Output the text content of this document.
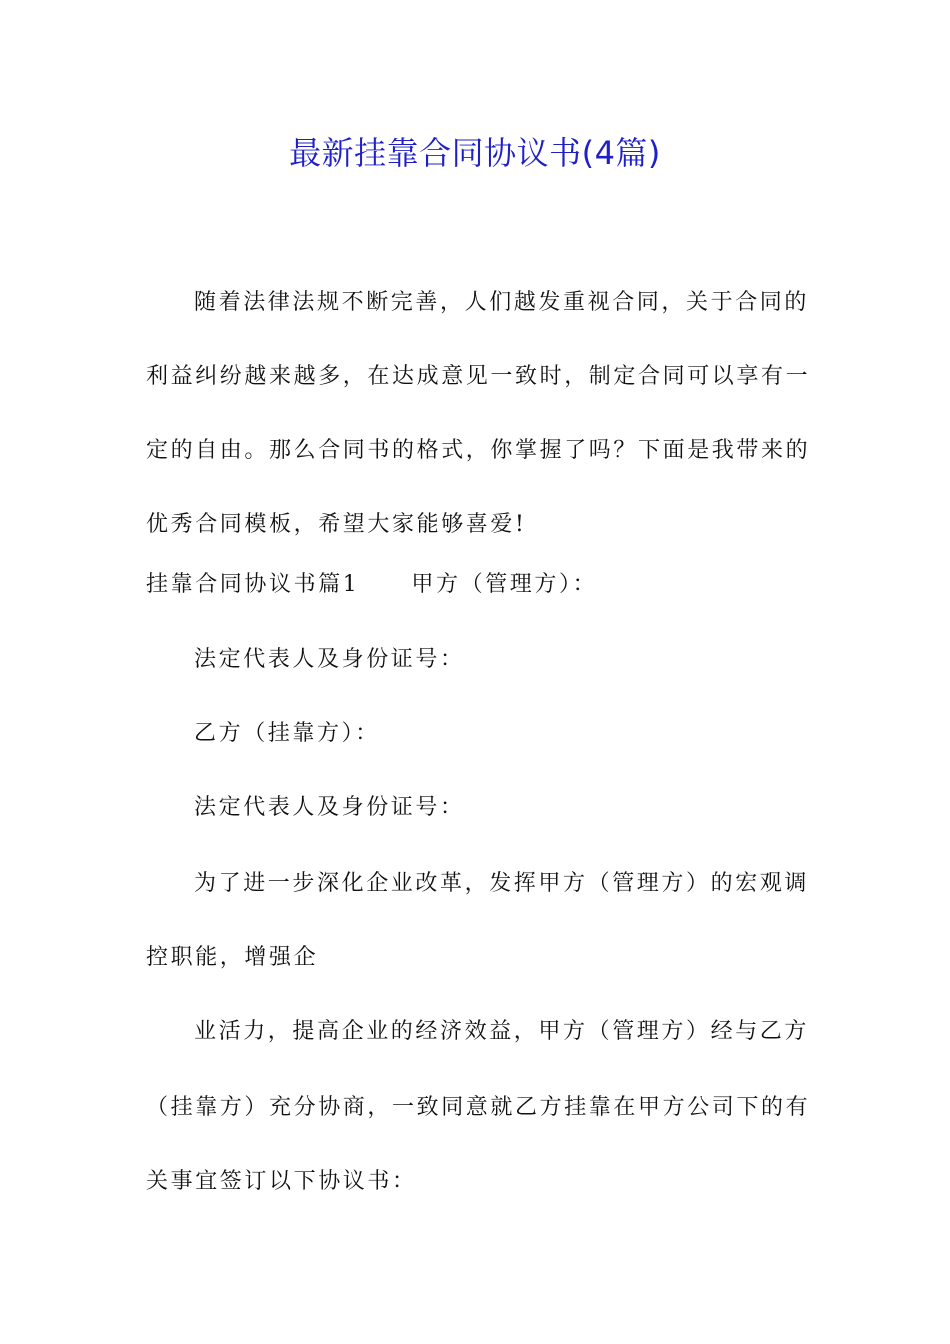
最新挂靠合同协议书(4篇)
随着法律法规不断完善，人们越发重视合同，关于合同的
利益纠纷越来越多，在达成意见一致时，制定合同可以享有一
定的自由。那么合同书的格式，你掌握了吗？下面是我带来的
优秀合同模板，希望大家能够喜爱!
挂靠合同协议书篇1 甲方（管理方）：

法定代表人及身份证号：

乙方（挂靠方）：

法定代表人及身份证号：

为了进一步深化企业改革，发挥甲方（管理方）的宏观调

控职能，增强企

业活力，提高企业的经济效益，甲方（管理方）经与乙方

（挂靠方）充分协商，一致同意就乙方挂靠在甲方公司下的有

关事宜签订以下协议书：
